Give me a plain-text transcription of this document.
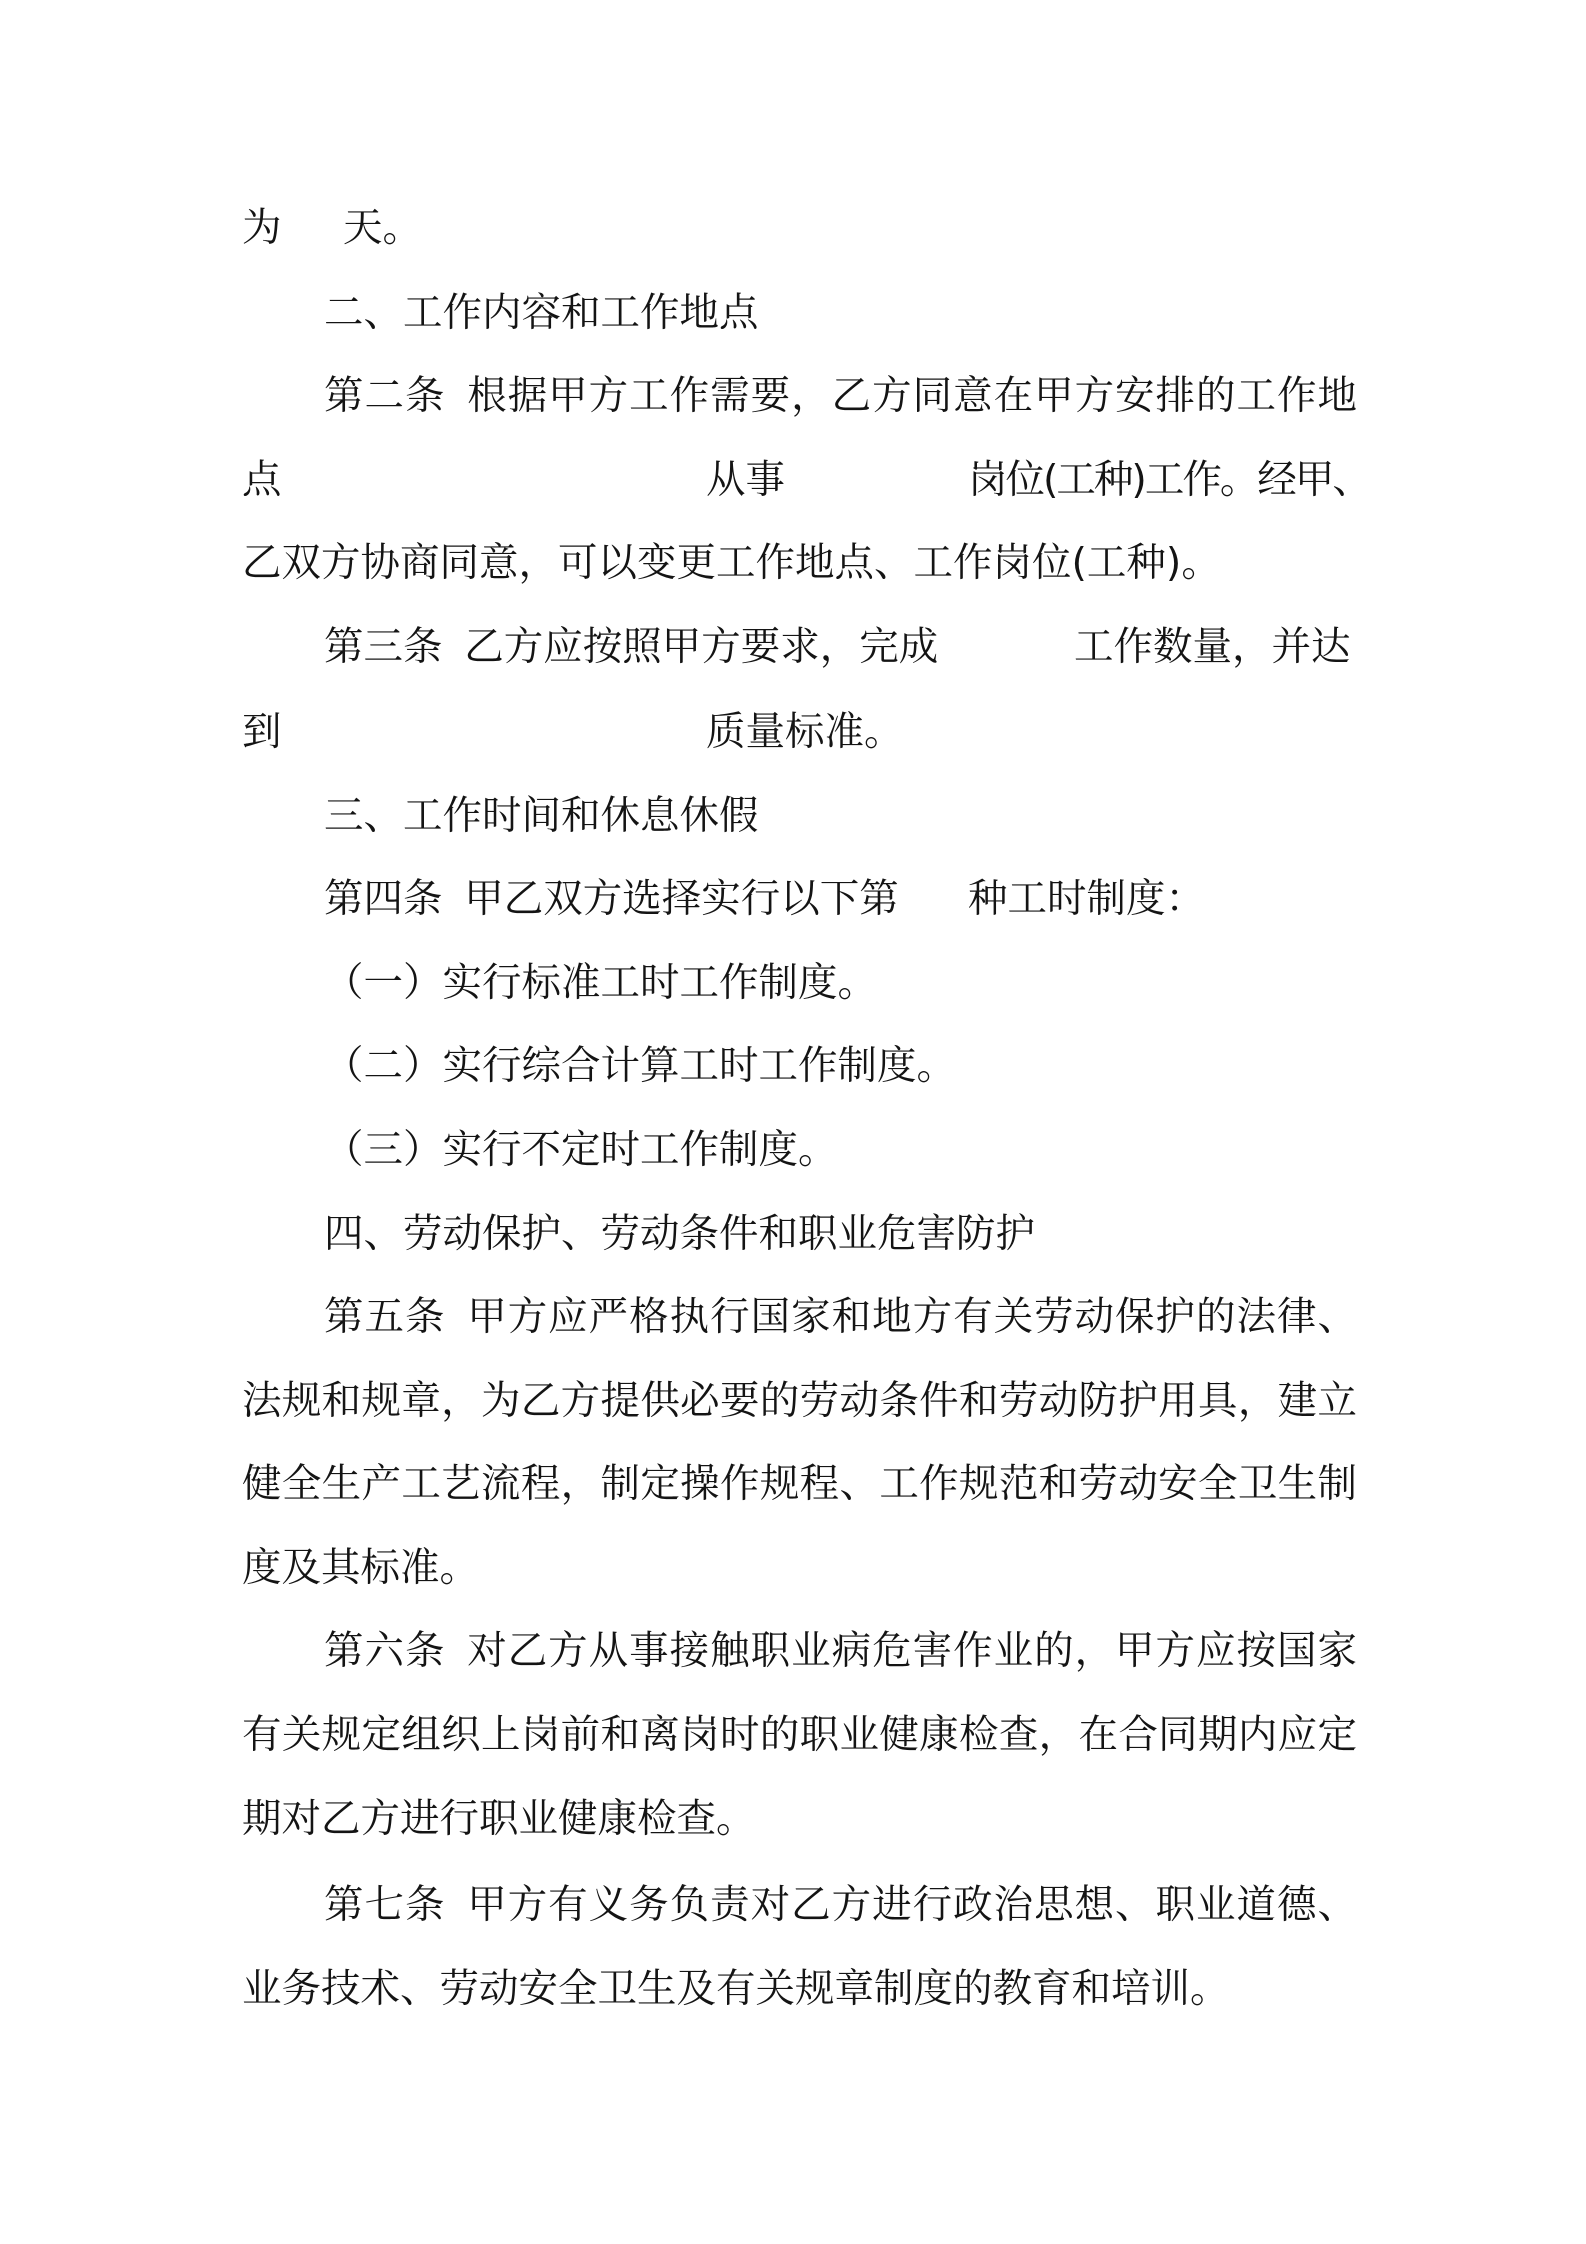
为 天。
二、工作内容和工作地点
第二条 根据甲方工作需要，乙方同意在甲方安排的工作地
点	从事	岗位(工种)工作。经甲、
乙双方协商同意，可以变更工作地点、工作岗位(工种)。
第三条 乙方应按照甲方要求，完成	工作数量，并达
到	质量标准。
三、工作时间和休息休假
第四条 甲乙双方选择实行以下第 种工时制度：
（一）实行标准工时工作制度。
（二）实行综合计算工时工作制度。
（三）实行不定时工作制度。
四、劳动保护、劳动条件和职业危害防护
第五条 甲方应严格执行国家和地方有关劳动保护的法律、
法规和规章，为乙方提供必要的劳动条件和劳动防护用具，建立
健全生产工艺流程，制定操作规程、工作规范和劳动安全卫生制
度及其标准。
第六条 对乙方从事接触职业病危害作业的，甲方应按国家
有关规定组织上岗前和离岗时的职业健康检查，在合同期内应定
期对乙方进行职业健康检查。
第七条 甲方有义务负责对乙方进行政治思想、职业道德、
业务技术、劳动安全卫生及有关规章制度的教育和培训。
